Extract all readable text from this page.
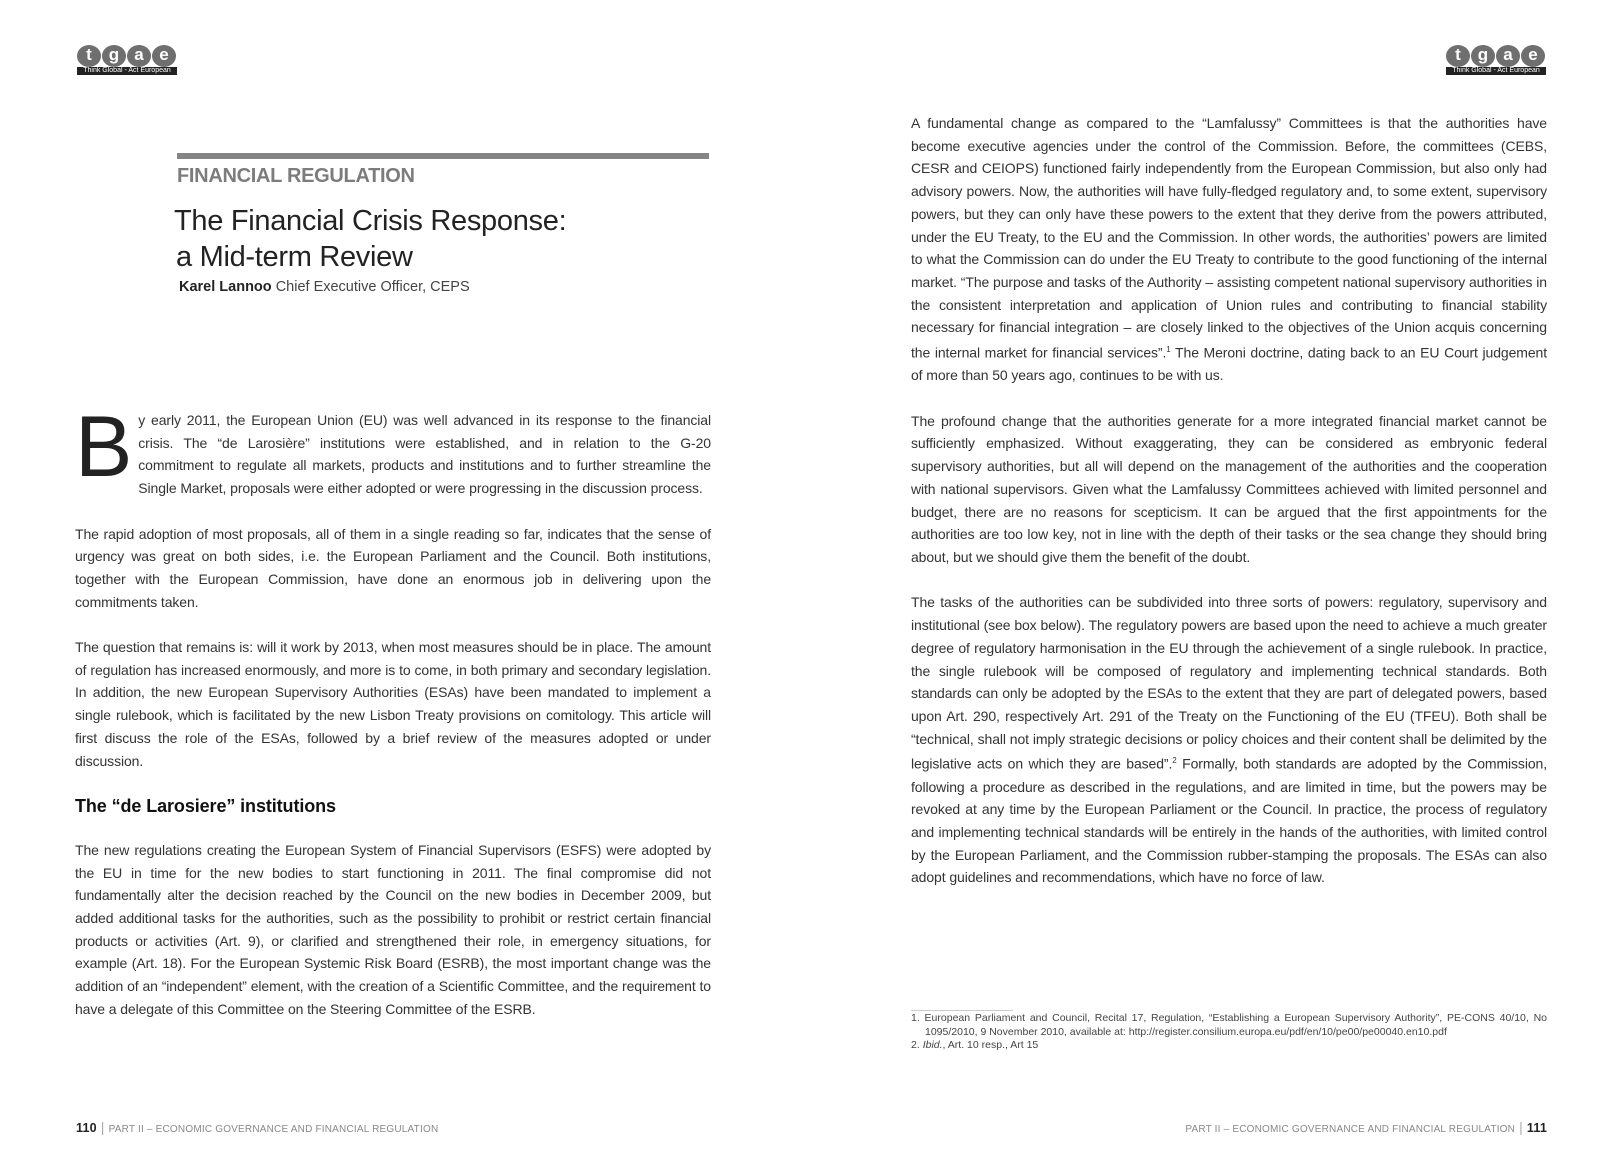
t g a e
Think Global - Act European
t g a e
Think Global - Act European
FINANCIAL REGULATION
The Financial Crisis Response:
a Mid-term Review
Karel Lannoo Chief Executive Officer, CEPS

By early 2011, the European Union (EU) was well advanced in its response to the financial crisis. The “de Larosière” institutions were established, and in relation to the G-20 commitment to regulate all markets, products and institutions and to further streamline the Single Market, proposals were either adopted or were progressing in the discussion process.

The rapid adoption of most proposals, all of them in a single reading so far, indicates that the sense of urgency was great on both sides, i.e. the European Parliament and the Council. Both institutions, together with the European Commission, have done an enormous job in delivering upon the commitments taken.

The question that remains is: will it work by 2013, when most measures should be in place. The amount of regulation has increased enormously, and more is to come, in both primary and secondary legislation. In addition, the new European Supervisory Authorities (ESAs) have been mandated to implement a single rulebook, which is facilitated by the new Lisbon Treaty provisions on comitology. This article will first discuss the role of the ESAs, followed by a brief review of the measures adopted or under discussion.

The “de Larosiere” institutions

The new regulations creating the European System of Financial Supervisors (ESFS) were adopted by the EU in time for the new bodies to start functioning in 2011. The final compromise did not fundamentally alter the decision reached by the Council on the new bodies in December 2009, but added additional tasks for the authorities, such as the possibility to prohibit or restrict certain financial products or activities (Art. 9), or clarified and strengthened their role, in emergency situations, for example (Art. 18). For the European Systemic Risk Board (ESRB), the most important change was the addition of an “independent” element, with the creation of a Scientific Committee, and the requirement to have a delegate of this Committee on the Steering Committee of the ESRB.

A fundamental change as compared to the “Lamfalussy” Committees is that the authorities have become executive agencies under the control of the Commission. Before, the committees (CEBS, CESR and CEIOPS) functioned fairly independently from the European Commission, but also only had advisory powers. Now, the authorities will have fully-fledged regulatory and, to some extent, supervisory powers, but they can only have these powers to the extent that they derive from the powers attributed, under the EU Treaty, to the EU and the Commission. In other words, the authorities’ powers are limited to what the Commission can do under the EU Treaty to contribute to the good functioning of the internal market. “The purpose and tasks of the Authority – assisting competent national supervisory authorities in the consistent interpretation and application of Union rules and contributing to financial stability necessary for financial integration – are closely linked to the objectives of the Union acquis concerning the internal market for financial services”.$^1$ The Meroni doctrine, dating back to an EU Court judgement of more than 50 years ago, continues to be with us.

The profound change that the authorities generate for a more integrated financial market cannot be sufficiently emphasized. Without exaggerating, they can be considered as embryonic federal supervisory authorities, but all will depend on the management of the authorities and the cooperation with national supervisors. Given what the Lamfalussy Committees achieved with limited personnel and budget, there are no reasons for scepticism. It can be argued that the first appointments for the authorities are too low key, not in line with the depth of their tasks or the sea change they should bring about, but we should give them the benefit of the doubt.

The tasks of the authorities can be subdivided into three sorts of powers: regulatory, supervisory and institutional (see box below). The regulatory powers are based upon the need to achieve a much greater degree of regulatory harmonisation in the EU through the achievement of a single rulebook. In practice, the single rulebook will be composed of regulatory and implementing technical standards. Both standards can only be adopted by the ESAs to the extent that they are part of delegated powers, based upon Art. 290, respectively Art. 291 of the Treaty on the Functioning of the EU (TFEU). Both shall be “technical, shall not imply strategic decisions or policy choices and their content shall be delimited by the legislative acts on which they are based”.$^2$ Formally, both standards are adopted by the Commission, following a procedure as described in the regulations, and are limited in time, but the powers may be revoked at any time by the European Parliament or the Council. In practice, the process of regulatory and implementing technical standards will be entirely in the hands of the authorities, with limited control by the European Parliament, and the Commission rubber-stamping the proposals. The ESAs can also adopt guidelines and recommendations, which have no force of law.

1. European Parliament and Council, Recital 17, Regulation, “Establishing a European Supervisory Authority”, PE-CONS 40/10, No 1095/2010, 9 November 2010, available at: http://register.consilium.europa.eu/pdf/en/10/pe00/pe00040.en10.pdf
2. Ibid., Art. 10 resp., Art 15
110 | PART II – ECONOMIC GOVERNANCE AND FINANCIAL REGULATION	PART II – ECONOMIC GOVERNANCE AND FINANCIAL REGULATION | 111
